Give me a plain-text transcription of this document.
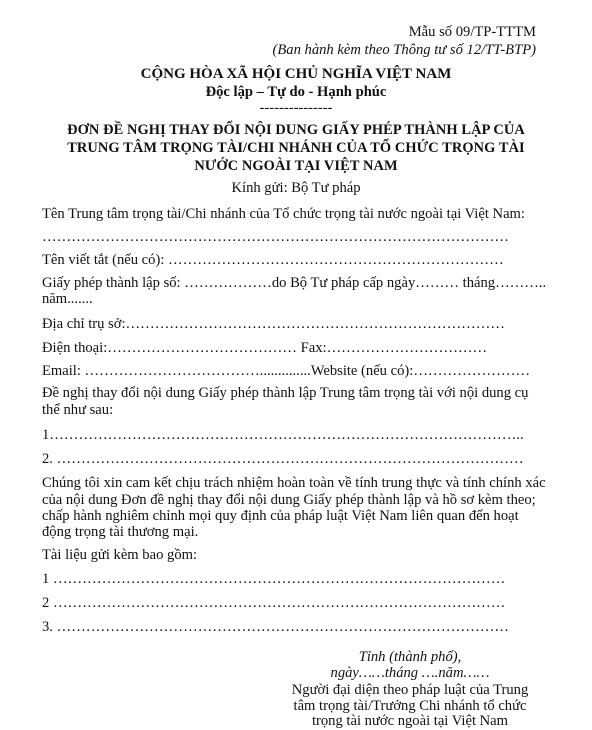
Mẫu số 09/TP-TTTM
(Ban hành kèm theo Thông tư số 12/TT-BTP)
CỘNG HÒA XÃ HỘI CHỦ NGHĨA VIỆT NAM
Độc lập – Tự do - Hạnh phúc
---------------
ĐƠN ĐỀ NGHỊ THAY ĐỔI NỘI DUNG GIẤY PHÉP THÀNH LẬP CỦA
TRUNG TÂM TRỌNG TÀI/CHI NHÁNH CỦA TỔ CHỨC TRỌNG TÀI
NƯỚC NGOÀI TẠI VIỆT NAM
Kính gửi: Bộ Tư pháp
Tên Trung tâm trọng tài/Chi nhánh của Tổ chức trọng tài nước ngoài tại Việt Nam:
……………………………………………………………………………………
Tên viết tắt (nếu có): ……………………………………………………………
Giấy phép thành lập số: ………………do Bộ Tư pháp cấp ngày……… tháng………..
năm.......
Địa chỉ trụ sở:……………………………………………………………………
Điện thoại:………………………………… Fax:……………………………
Email: ………………………………..............Website (nếu có):……………………
Đề nghị thay đổi nội dung Giấy phép thành lập Trung tâm trọng tài với nội dung cụ
thể như sau:
1……………………………………………………………………………………..
2. ……………………………………………………………………………………
Chúng tôi xin cam kết chịu trách nhiệm hoàn toàn về tính trung thực và tính chính xác
của nội dung Đơn đề nghị thay đổi nội dung Giấy phép thành lập và hồ sơ kèm theo;
chấp hành nghiêm chỉnh mọi quy định của pháp luật Việt Nam liên quan đến hoạt
động trọng tài thương mại.
Tài liệu gửi kèm bao gồm:
1 …………………………………………………………………………………
2 …………………………………………………………………………………
3. …………………………………………………………………………………
Tỉnh (thành phố),
ngày……tháng ….năm……
Người đại diện theo pháp luật của Trung
tâm trọng tài/Trưởng Chi nhánh tổ chức
trọng tài nước ngoài tại Việt Nam
